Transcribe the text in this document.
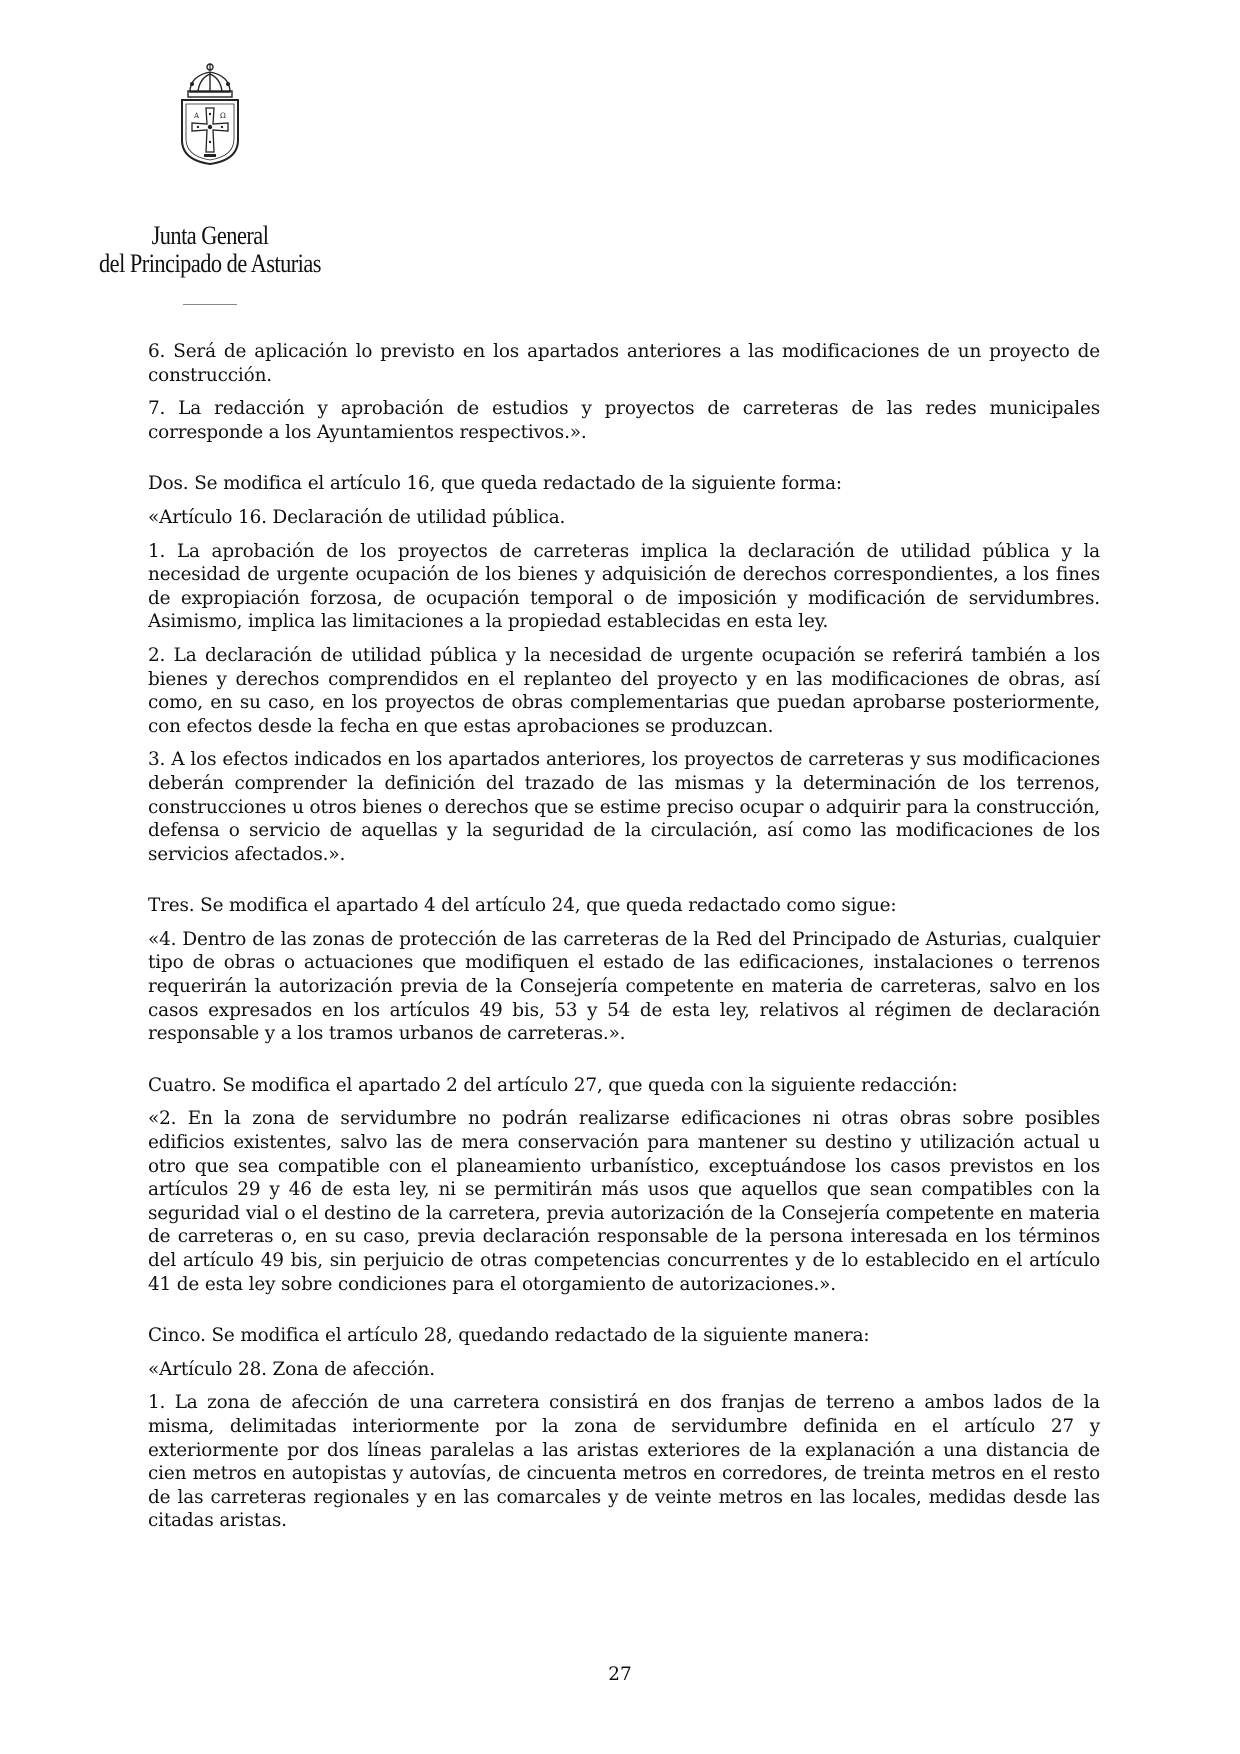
A	Ω
Junta General
del Principado de Asturias

6. Será de aplicación lo previsto en los apartados anteriores a las modificaciones de un proyecto de construcción.

7. La redacción y aprobación de estudios y proyectos de carreteras de las redes municipales corresponde a los Ayuntamientos respectivos.».

Dos. Se modifica el artículo 16, que queda redactado de la siguiente forma:

«Artículo 16. Declaración de utilidad pública.

1. La aprobación de los proyectos de carreteras implica la declaración de utilidad pública y la necesidad de urgente ocupación de los bienes y adquisición de derechos correspondientes, a los fines de expropiación forzosa, de ocupación temporal o de imposición y modificación de servidumbres. Asimismo, implica las limitaciones a la propiedad establecidas en esta ley.

2. La declaración de utilidad pública y la necesidad de urgente ocupación se referirá también a los bienes y derechos comprendidos en el replanteo del proyecto y en las modificaciones de obras, así como, en su caso, en los proyectos de obras complementarias que puedan aprobarse posteriormente, con efectos desde la fecha en que estas aprobaciones se produzcan.

3. A los efectos indicados en los apartados anteriores, los proyectos de carreteras y sus modificaciones deberán comprender la definición del trazado de las mismas y la determinación de los terrenos, construcciones u otros bienes o derechos que se estime preciso ocupar o adquirir para la construcción, defensa o servicio de aquellas y la seguridad de la circulación, así como las modificaciones de los servicios afectados.».

Tres. Se modifica el apartado 4 del artículo 24, que queda redactado como sigue:

«4. Dentro de las zonas de protección de las carreteras de la Red del Principado de Asturias, cualquier tipo de obras o actuaciones que modifiquen el estado de las edificaciones, instalaciones o terrenos requerirán la autorización previa de la Consejería competente en materia de carreteras, salvo en los casos expresados en los artículos 49 bis, 53 y 54 de esta ley, relativos al régimen de declaración responsable y a los tramos urbanos de carreteras.».

Cuatro. Se modifica el apartado 2 del artículo 27, que queda con la siguiente redacción:

«2. En la zona de servidumbre no podrán realizarse edificaciones ni otras obras sobre posibles edificios existentes, salvo las de mera conservación para mantener su destino y utilización actual u otro que sea compatible con el planeamiento urbanístico, exceptuándose los casos previstos en los artículos 29 y 46 de esta ley, ni se permitirán más usos que aquellos que sean compatibles con la seguridad vial o el destino de la carretera, previa autorización de la Consejería competente en materia de carreteras o, en su caso, previa declaración responsable de la persona interesada en los términos del artículo 49 bis, sin perjuicio de otras competencias concurrentes y de lo establecido en el artículo 41 de esta ley sobre condiciones para el otorgamiento de autorizaciones.».

Cinco. Se modifica el artículo 28, quedando redactado de la siguiente manera:

«Artículo 28. Zona de afección.

1. La zona de afección de una carretera consistirá en dos franjas de terreno a ambos lados de la misma, delimitadas interiormente por la zona de servidumbre definida en el artículo 27 y exteriormente por dos líneas paralelas a las aristas exteriores de la explanación a una distancia de cien metros en autopistas y autovías, de cincuenta metros en corredores, de treinta metros en el resto de las carreteras regionales y en las comarcales y de veinte metros en las locales, medidas desde las citadas aristas.

27
